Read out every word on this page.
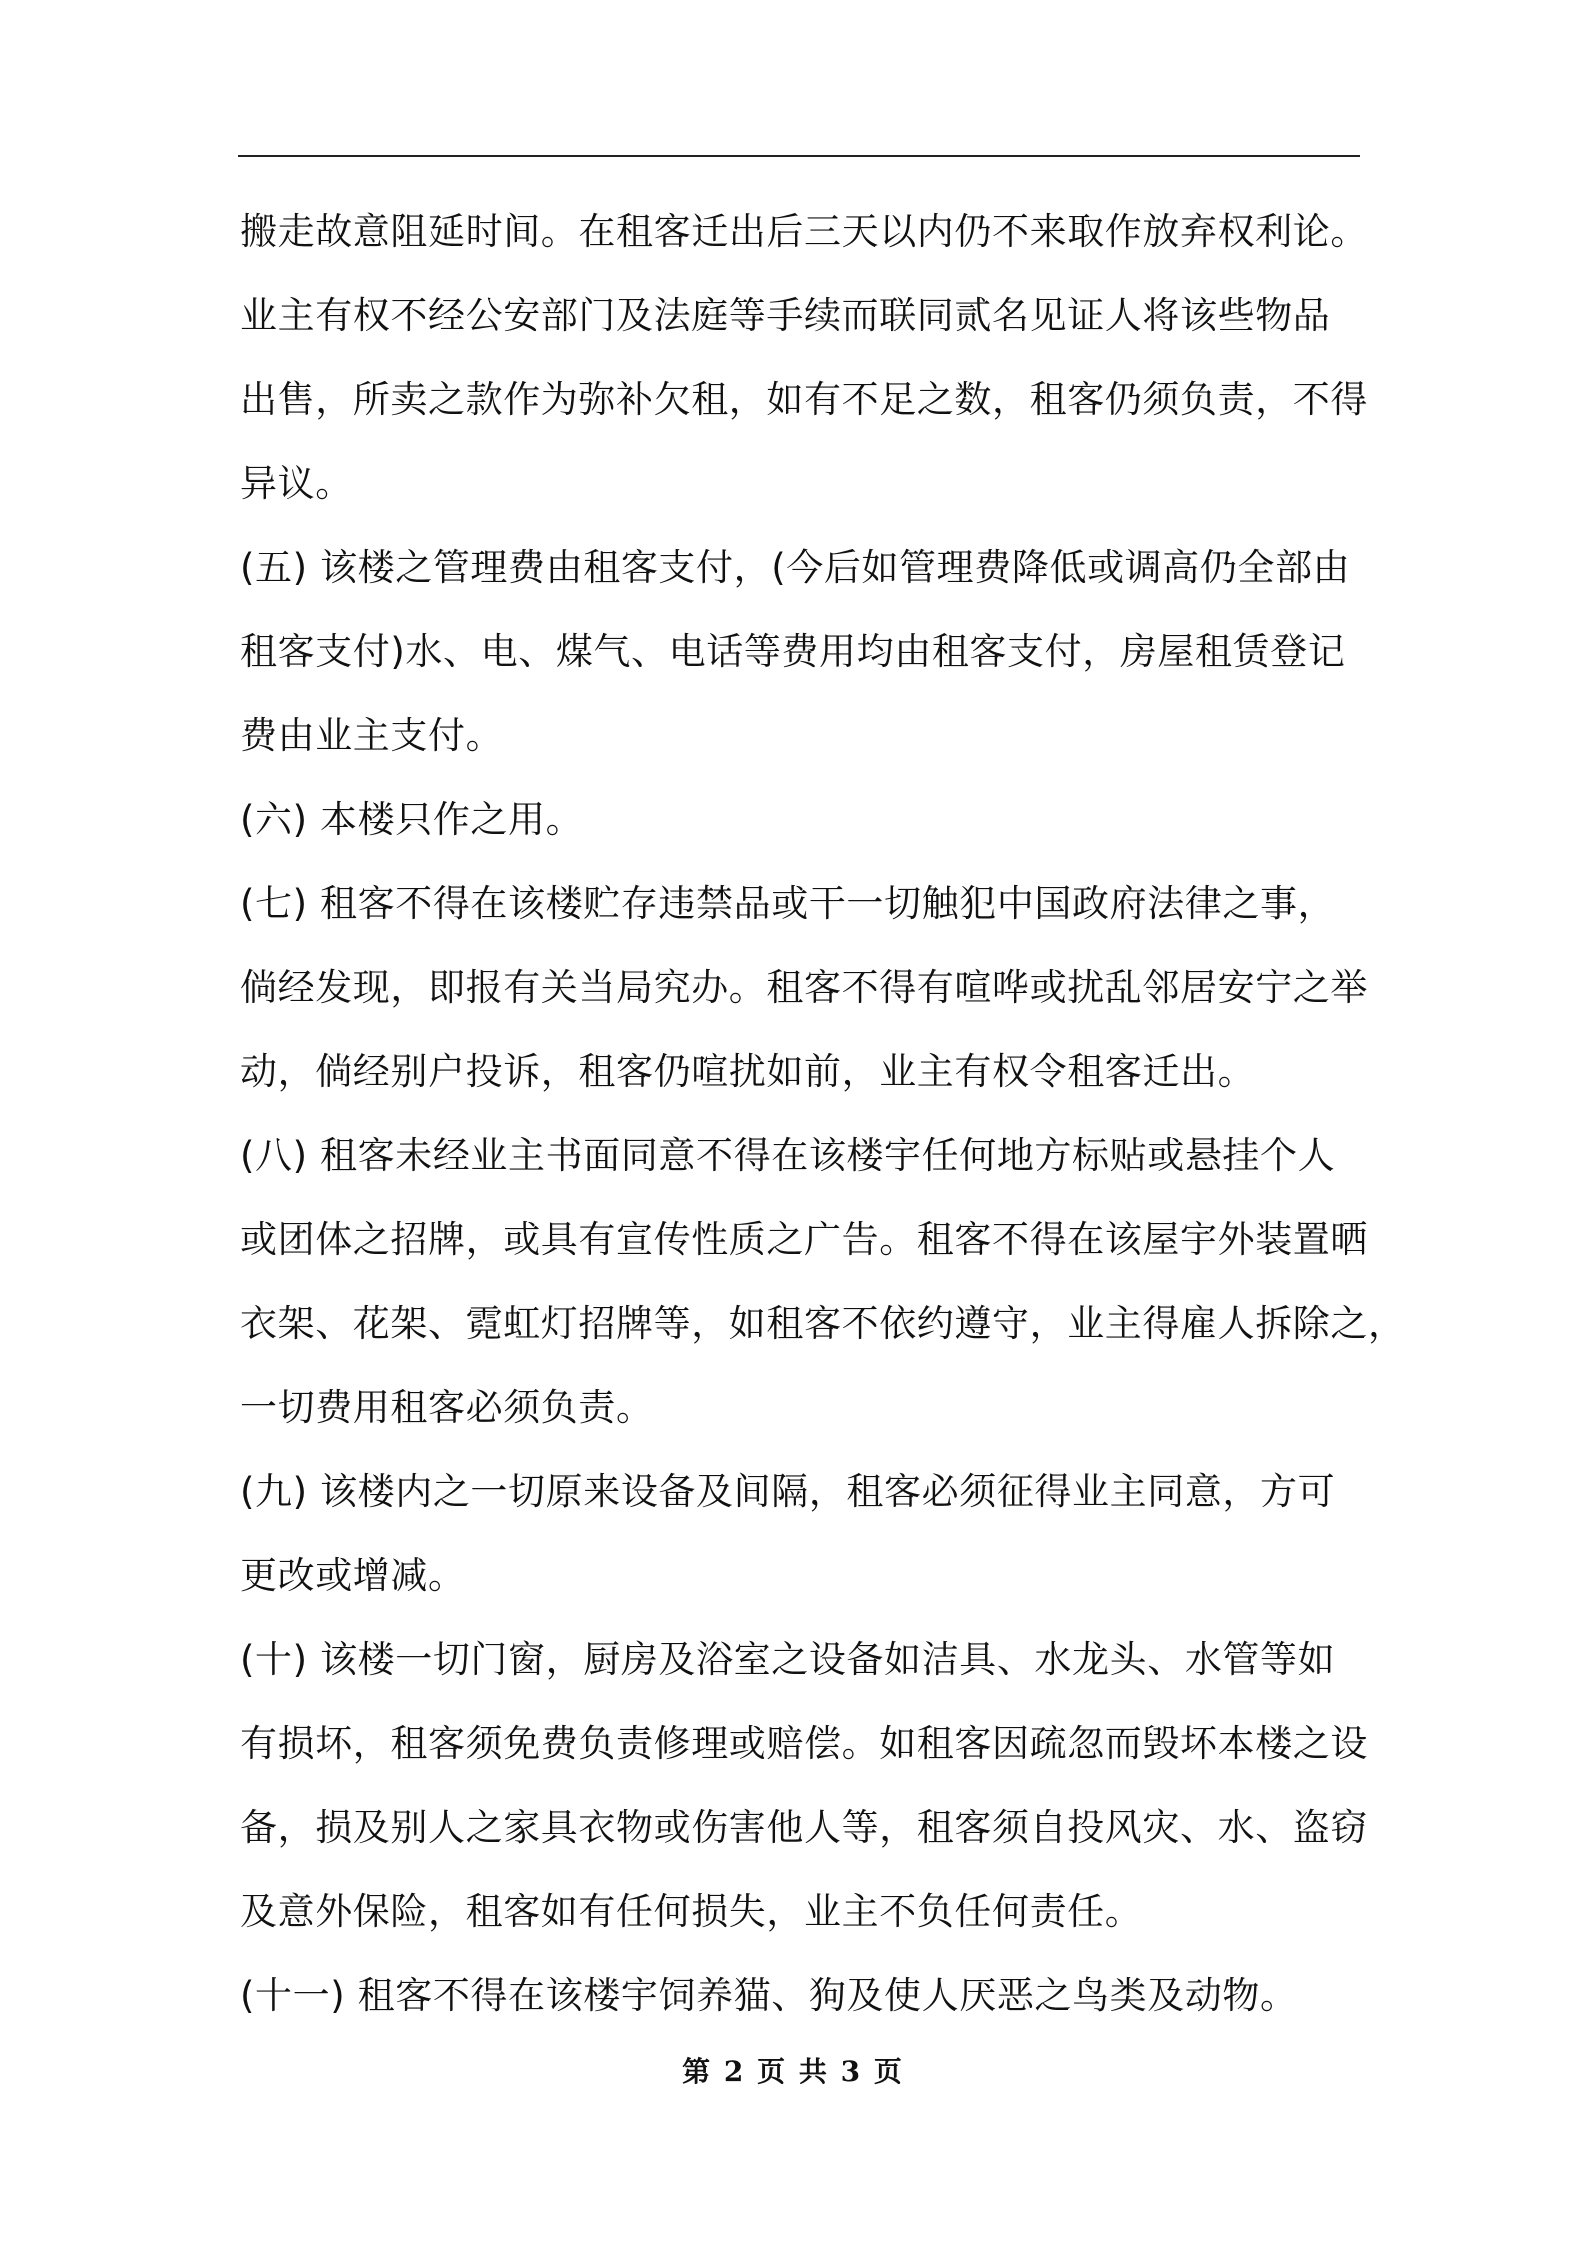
搬走故意阻延时间。在租客迁出后三天以内仍不来取作放弃权利论。
业主有权不经公安部门及法庭等手续而联同贰名见证人将该些物品
出售，所卖之款作为弥补欠租，如有不足之数，租客仍须负责，不得
异议。
(五) 该楼之管理费由租客支付，(今后如管理费降低或调高仍全部由
租客支付)水、电、煤气、电话等费用均由租客支付，房屋租赁登记
费由业主支付。
(六) 本楼只作之用。
(七) 租客不得在该楼贮存违禁品或干一切触犯中国政府法律之事，
倘经发现，即报有关当局究办。租客不得有喧哗或扰乱邻居安宁之举
动，倘经别户投诉，租客仍喧扰如前，业主有权令租客迁出。
(八) 租客未经业主书面同意不得在该楼宇任何地方标贴或悬挂个人
或团体之招牌，或具有宣传性质之广告。租客不得在该屋宇外装置晒
衣架、花架、霓虹灯招牌等，如租客不依约遵守，业主得雇人拆除之，
一切费用租客必须负责。
(九) 该楼内之一切原来设备及间隔，租客必须征得业主同意，方可
更改或增减。
(十) 该楼一切门窗，厨房及浴室之设备如洁具、水龙头、水管等如
有损坏，租客须免费负责修理或赔偿。如租客因疏忽而毁坏本楼之设
备，损及别人之家具衣物或伤害他人等，租客须自投风灾、水、盗窃
及意外保险，租客如有任何损失，业主不负任何责任。
(十一) 租客不得在该楼宇饲养猫、狗及使人厌恶之鸟类及动物。
第 2 页 共 3 页
